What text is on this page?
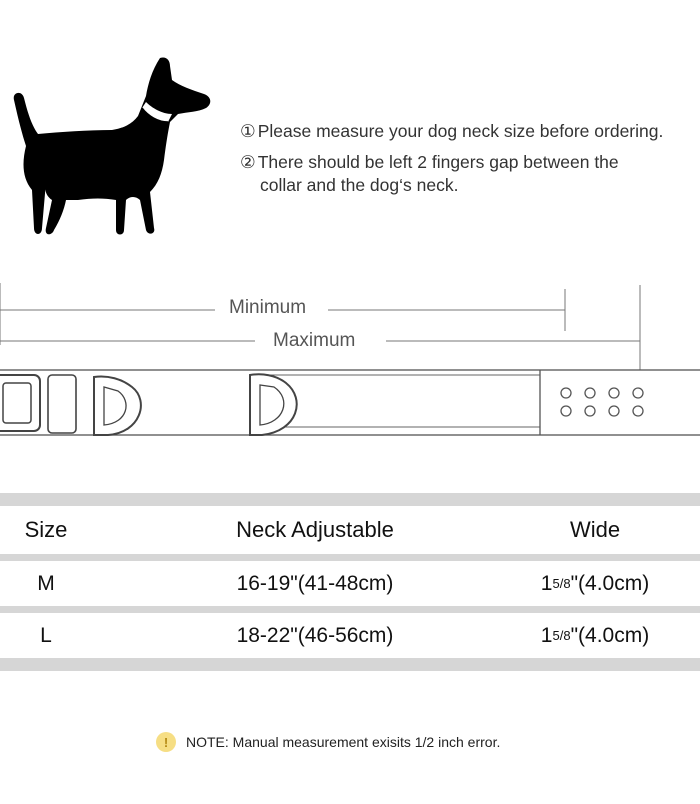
① Please measure your dog neck size before ordering.
② There should be left 2 fingers gap between the
collar and the dog‘s neck.
Minimum
Maximum
Size	Neck Adjustable	Wide
M	16-19"(41-48cm)	1 5/8 "(4.0cm)
L	18-22"(46-56cm)	1 5/8 "(4.0cm)
!	NOTE: Manual measurement exisits 1/2 inch error.
